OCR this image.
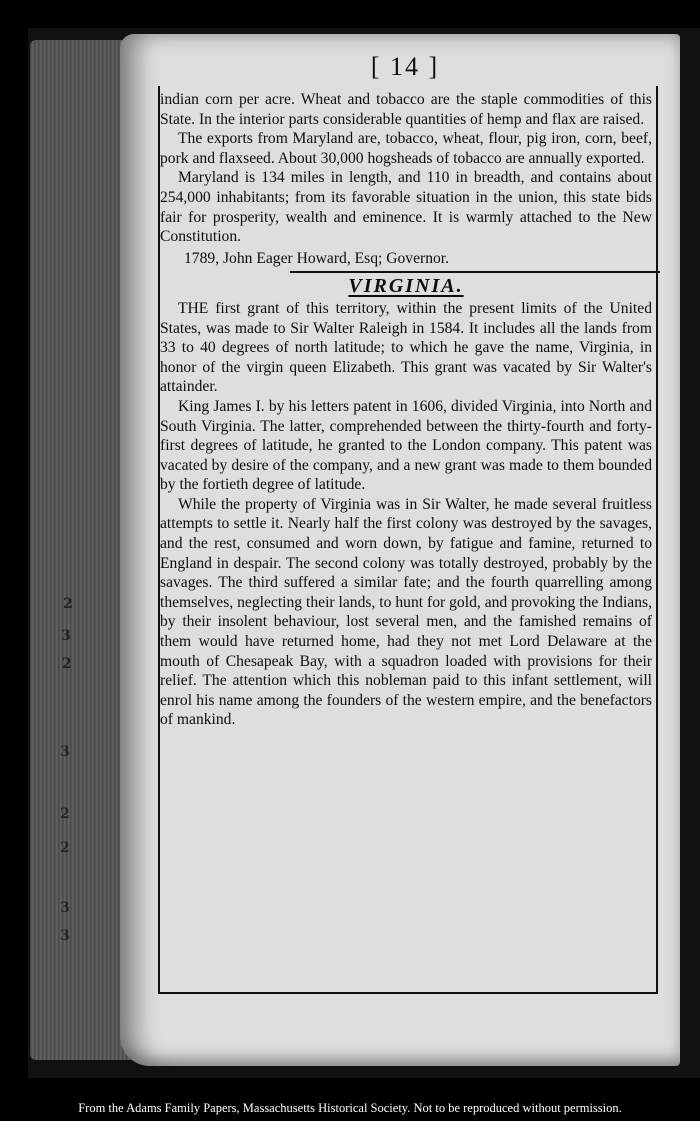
2
3
2
3
2
2
3
3
[ 14 ]

indian corn per acre. Wheat and tobacco are the staple commodities of this State. In the interior parts considerable quantities of hemp and flax are raised.

The exports from Maryland are, tobacco, wheat, flour, pig iron, corn, beef, pork and flaxseed. About 30,000 hogsheads of tobacco are annually exported.

Maryland is 134 miles in length, and 110 in breadth, and contains about 254,000 inhabitants; from its favorable situation in the union, this state bids fair for prosperity, wealth and eminence. It is warmly attached to the New Constitution.

1789, John Eager Howard, Esq; Governor.

VIRGINIA.

THE first grant of this territory, within the present limits of the United States, was made to Sir Walter Raleigh in 1584. It includes all the lands from 33 to 40 degrees of north latitude; to which he gave the name, Virginia, in honor of the virgin queen Elizabeth. This grant was vacated by Sir Walter's attainder.

King James I. by his letters patent in 1606, divided Virginia, into North and South Virginia. The latter, comprehended between the thirty-fourth and forty-first degrees of latitude, he granted to the London company. This patent was vacated by desire of the company, and a new grant was made to them bounded by the fortieth degree of latitude.

While the property of Virginia was in Sir Walter, he made several fruitless attempts to settle it. Nearly half the first colony was destroyed by the savages, and the rest, consumed and worn down, by fatigue and famine, returned to England in despair. The second colony was totally destroyed, probably by the savages. The third suffered a similar fate; and the fourth quarrelling among themselves, neglecting their lands, to hunt for gold, and provoking the Indians, by their insolent behaviour, lost several men, and the famished remains of them would have returned home, had they not met Lord Delaware at the mouth of Chesapeak Bay, with a squadron loaded with provisions for their relief. The attention which this nobleman paid to this infant settlement, will enrol his name among the founders of the western empire, and the benefactors of mankind.

From the Adams Family Papers, Massachusetts Historical Society. Not to be reproduced without permission.
